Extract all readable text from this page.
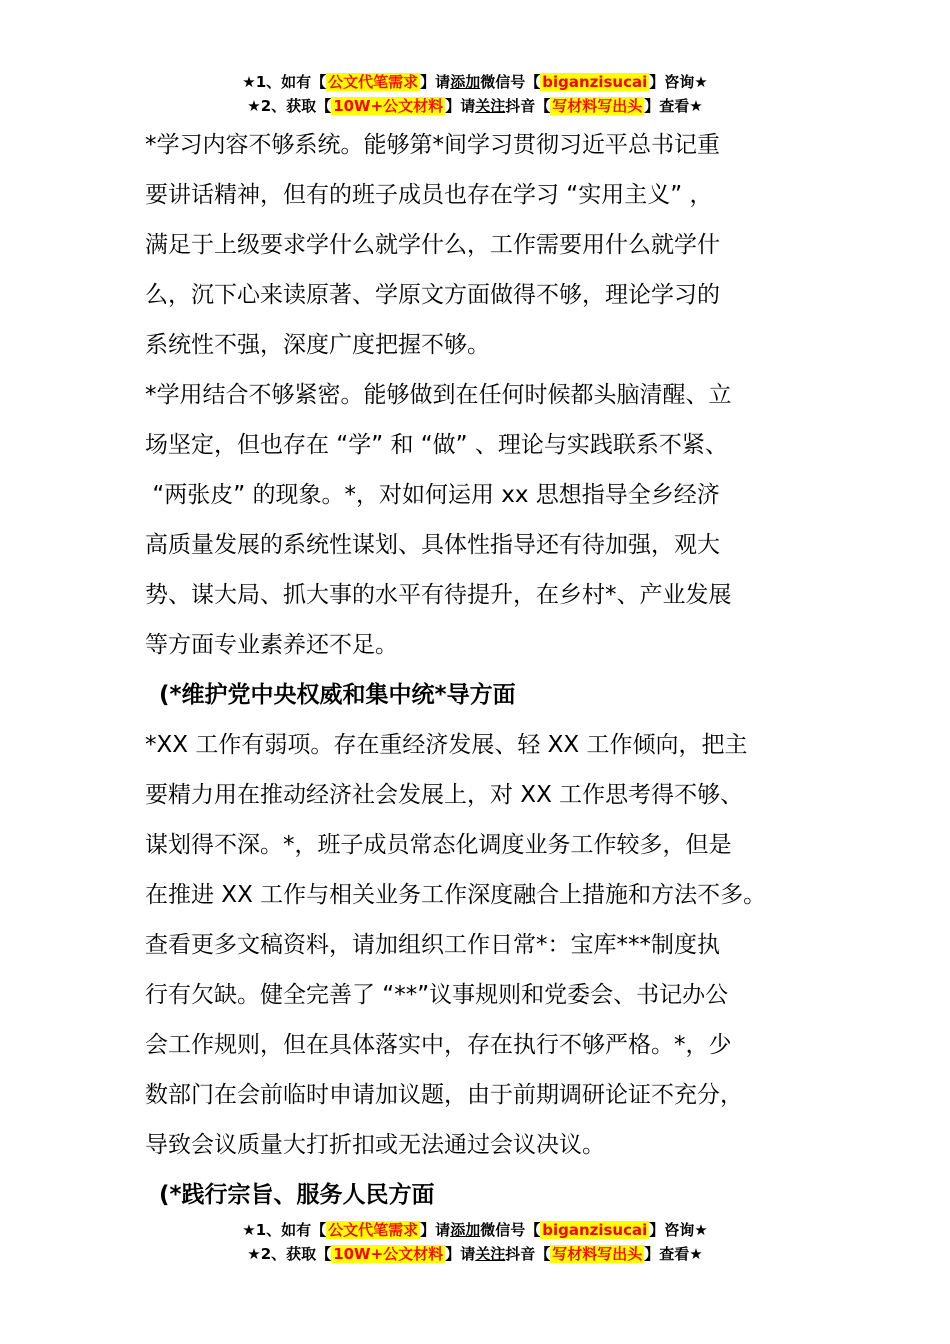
★1、如有【 公文代笔需求 】请添加微信号【 biganzisucai 】咨询★
★2、获取【 10W+公文材料 】请关注抖音【 写材料写出头 】查看★

*学习内容不够系统。能够第*间学习贯彻习近平总书记重

要讲话精神，但有的班子成员也存在学习 “实用主义” ，

满足于上级要求学什么就学什么，工作需要用什么就学什

么，沉下心来读原著、学原文方面做得不够，理论学习的

系统性不强，深度广度把握不够。

*学用结合不够紧密。能够做到在任何时候都头脑清醒、立

场坚定，但也存在 “学” 和 “做” 、理论与实践联系不紧、

“两张皮” 的现象。*，对如何运用 xx 思想指导全乡经济

高质量发展的系统性谋划、具体性指导还有待加强，观大

势、谋大局、抓大事的水平有待提升，在乡村*、产业发展

等方面专业素养还不足。

(*维护党中央权威和集中统*导方面

*XX 工作有弱项。存在重经济发展、轻 XX 工作倾向，把主

要精力用在推动经济社会发展上，对 XX 工作思考得不够、

谋划得不深。*，班子成员常态化调度业务工作较多，但是

在推进 XX 工作与相关业务工作深度融合上措施和方法不多。

查看更多文稿资料，请加组织工作日常*：宝库***制度执

行有欠缺。健全完善了 “**”议事规则和党委会、书记办公

会工作规则，但在具体落实中，存在执行不够严格。*，少

数部门在会前临时申请加议题，由于前期调研论证不充分，

导致会议质量大打折扣或无法通过会议决议。

(*践行宗旨、服务人民方面

★1、如有【 公文代笔需求 】请添加微信号【 biganzisucai 】咨询★
★2、获取【 10W+公文材料 】请关注抖音【 写材料写出头 】查看★
